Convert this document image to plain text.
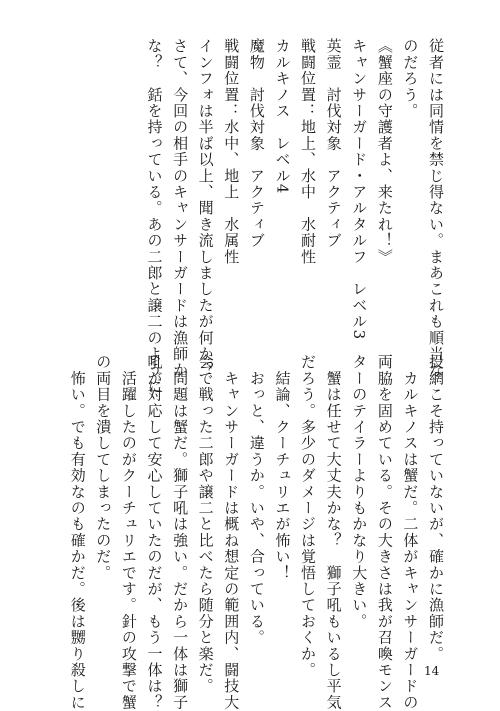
従者には同情を禁じ得ない。まあこれも順当な
のだろう。
《蟹座の守護者よ、来たれ！》
キャンサーガード・アルタルフ　レベル3
英霊　討伐対象　アクティブ
戦闘位置：地上、水中　水耐性
カルキノス　レベル4
魔物　討伐対象　アクティブ
戦闘位置：水中、地上　水属性
インフォは半ば以上、聞き流しましたが何か？
さて、今回の相手のキャンサーガードは漁師か
な？　銛を持っている。あの二郎と譲二のように
投網こそ持っていないが、確かに漁師だ。
　カルキノスは蟹だ。二体がキャンサーガードの
両脇を固めている。その大きさは我が召喚モンス
ターのテイラーよりもかなり大きい。
　蟹は任せて大丈夫かな？　獅子吼もいるし平気
だろう。多少のダメージは覚悟しておくか。
　結論、クーチュリエが怖い！
　おっと、違うか。いや、合っている。
　キャンサーガードは概ね想定の範囲内、闘技大
会で戦った二郎や譲二と比べたら随分と楽だ。
　問題は蟹だ。獅子吼は強い。だから一体は獅子
吼が対応して安心していたのだが、もう一体は？
　活躍したのがクーチュリエです。針の攻撃で蟹
の両目を潰してしまったのだ。
　怖い。でも有効なのも確かだ。後は嬲り殺しに	14
